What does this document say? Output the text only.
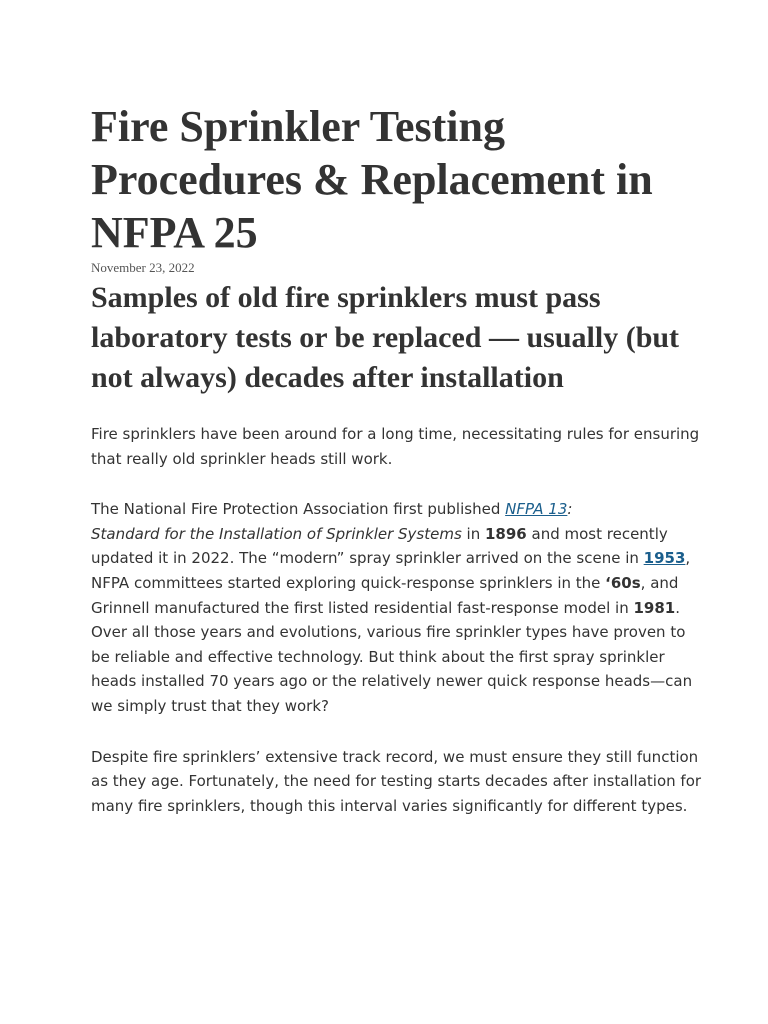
Fire Sprinkler Testing Procedures & Replacement in NFPA 25
November 23, 2022
Samples of old fire sprinklers must pass laboratory tests or be replaced — usually (but not always) decades after installation

Fire sprinklers have been around for a long time, necessitating rules for ensuring that really old sprinkler heads still work.

The National Fire Protection Association first published NFPA 13:
Standard for the Installation of Sprinkler Systems in 1896 and most recently updated it in 2022. The “modern” spray sprinkler arrived on the scene in 1953, NFPA committees started exploring quick-response sprinklers in the ‘60s, and Grinnell manufactured the first listed residential fast-response model in 1981. Over all those years and evolutions, various fire sprinkler types have proven to be reliable and effective technology. But think about the first spray sprinkler heads installed 70 years ago or the relatively newer quick response heads—can we simply trust that they work?

Despite fire sprinklers’ extensive track record, we must ensure they still function as they age. Fortunately, the need for testing starts decades after installation for many fire sprinklers, though this interval varies significantly for different types.
